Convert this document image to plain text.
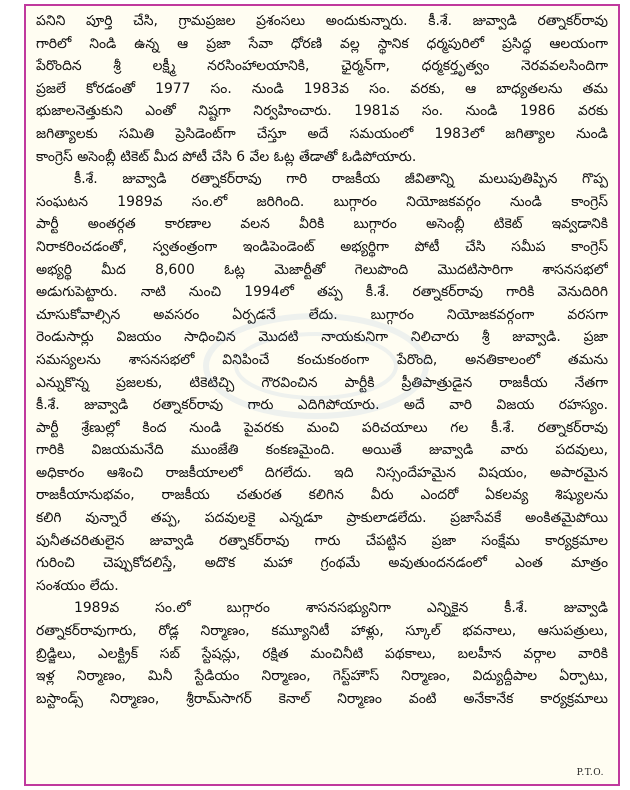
పనిని పూర్తి చేసి, గ్రామప్రజల ప్రశంసలు అందుకున్నారు. కీ.శే. జువ్వాడి రత్నాకర్‌రావు
గారిలో నిండి ఉన్న ఆ ప్రజా సేవా ధోరణి వల్ల స్థానిక ధర్మపురిలో ప్రసిద్ధ ఆలయంగా
పేరొందిన శ్రీ లక్ష్మీ నరసింహాలయానికి, ఛైర్మన్‌గా, ధర్మకర్తృత్వం నెరవవలసిందిగా
ప్రజలే కోరడంతో 1977 సం. నుండి 1983వ సం. వరకు, ఆ బాధ్యతలను తమ
భుజాలనెత్తుకుని ఎంతో నిష్టగా నిర్వహించారు. 1981వ సం. నుండి 1986 వరకు
జగిత్యాలకు సమితి ప్రెసిడెంట్‌గా చేస్తూ అదే సమయంలో 1983లో జగిత్యాల నుండి
కాంగ్రెస్ అసెంబ్లీ టికెట్ మీద పోటీ చేసి 6 వేల ఓట్ల తేడాతో ఓడిపోయారు.

కీ.శే. జువ్వాడి రత్నాకర్‌రావు గారి రాజకీయ జీవితాన్ని మలుపుతిప్పిన గొప్ప
సంఘటన 1989వ సం.లో జరిగింది. బుగ్గారం నియోజకవర్గం నుండి కాంగ్రెస్
పార్టీ అంతర్గత కారణాల వలన వీరికి బుగ్గారం అసెంబ్లీ టికెట్ ఇవ్వడానికి
నిరాకరించడంతో, స్వతంత్రంగా ఇండిపెండెంట్ అభ్యర్థిగా పోటీ చేసి సమీప కాంగ్రెస్
అభ్యర్థి మీద 8,600 ఓట్ల మెజార్టీతో గెలుపొంది మొదటిసారిగా శాసనసభలో
అడుగుపెట్టారు. నాటి నుంచి 1994లో తప్ప కీ.శే. రత్నాకర్‌రావు గారికి వెనుదిరిగి
చూసుకోవాల్సిన అవసరం ఏర్పడనే లేదు. బుగ్గారం నియోజకవర్గంగా వరసగా
రెండుసార్లు విజయం సాధించిన మొదటి నాయకునిగా నిలిచారు శ్రీ జువ్వాడి. ప్రజా
సమస్యలను శాసనసభలో వినిపించే కంచుకంఠంగా పేరొంది, అనతికాలంలో తమను
ఎన్నుకొన్న ప్రజలకు, టికెటిచ్చి గౌరవించిన పార్టీకి ప్రీతిపాత్రుడైన రాజకీయ నేతగా
కీ.శే. జువ్వాడి రత్నాకర్‌రావు గారు ఎదిగిపోయారు. అదే వారి విజయ రహస్యం.
పార్టీ శ్రేణుల్లో కింద నుండి పైవరకు మంచి పరిచయాలు గల కీ.శే. రత్నాకర్‌రావు
గారికి విజయమనేది ముంజేతి కంకణమైంది. అయితే జువ్వాడి వారు పదవులు,
అధికారం ఆశించి రాజకీయాలలో దిగలేదు. ఇది నిస్సందేహమైన విషయం, అపారమైన
రాజకీయానుభవం, రాజకీయ చతురత కలిగిన వీరు ఎందరో ఏకలవ్య శిష్యులను
కలిగి వున్నారే తప్ప, పదవులకై ఎన్నడూ ప్రాకులాడలేదు. ప్రజాసేవకే అంకితమైపోయి
పునీతచరితులైన జువ్వాడి రత్నాకర్‌రావు గారు చేపట్టిన ప్రజా సంక్షేమ కార్యక్రమాల
గురించి చెప్పుకోదలిస్తే, అదొక మహా గ్రంథమే అవుతుందనడంలో ఎంత మాత్రం
సంశయం లేదు.

1989వ సం.లో బుగ్గారం శాసనసభ్యునిగా ఎన్నికైన కీ.శే. జువ్వాడి
రత్నాకర్‌రావుగారు, రోడ్ల నిర్మాణం, కమ్యూనిటీ హాళ్లు, స్కూల్ భవనాలు, ఆసుపత్రులు,
బ్రిడ్జిలు, ఎలక్ట్రిక్ సబ్ స్టేషన్లు, రక్షిత మంచినీటి పథకాలు, బలహీన వర్గాల వారికి
ఇళ్ల నిర్మాణం, మినీ స్టేడియం నిర్మాణం, గెస్ట్‌హౌస్ నిర్మాణం, విద్యుద్దీపాల ఏర్పాటు,
బస్టాండ్స్ నిర్మాణం, శ్రీరామ్‌సాగర్ కెనాల్ నిర్మాణం వంటి అనేకానేక కార్యక్రమాలు

P.T.O.
